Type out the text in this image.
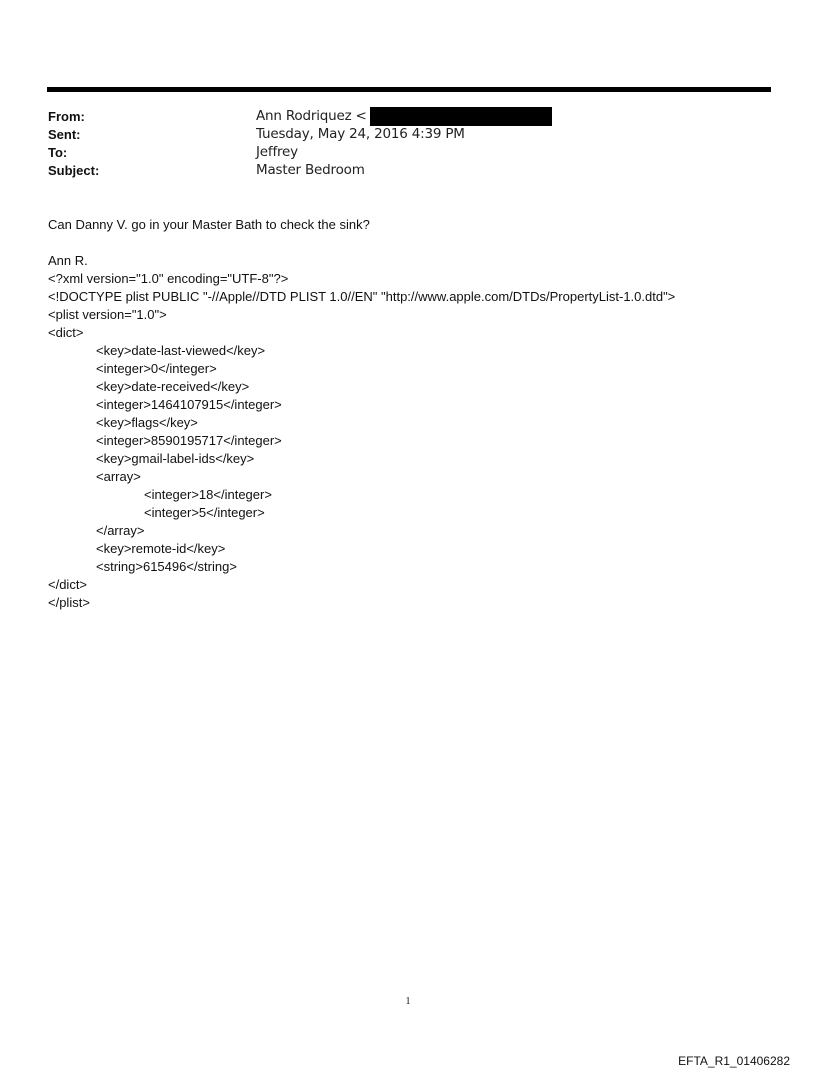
From:	Ann Rodriquez <
Sent:	Tuesday, May 24, 2016 4:39 PM
To:	Jeffrey
Subject:	Master Bedroom
Can Danny V. go in your Master Bath to check the sink?
Ann R.
<?xml version="1.0" encoding="UTF-8"?>
<!DOCTYPE plist PUBLIC "-//Apple//DTD PLIST 1.0//EN" "http://www.apple.com/DTDs/PropertyList-1.0.dtd">
<plist version="1.0">
<dict>
<key>date-last-viewed</key>
<integer>0</integer>
<key>date-received</key>
<integer>1464107915</integer>
<key>flags</key>
<integer>8590195717</integer>
<key>gmail-label-ids</key>
<array>
<integer>18</integer>
<integer>5</integer>
</array>
<key>remote-id</key>
<string>615496</string>
</dict>
</plist>
1
EFTA_R1_01406282
